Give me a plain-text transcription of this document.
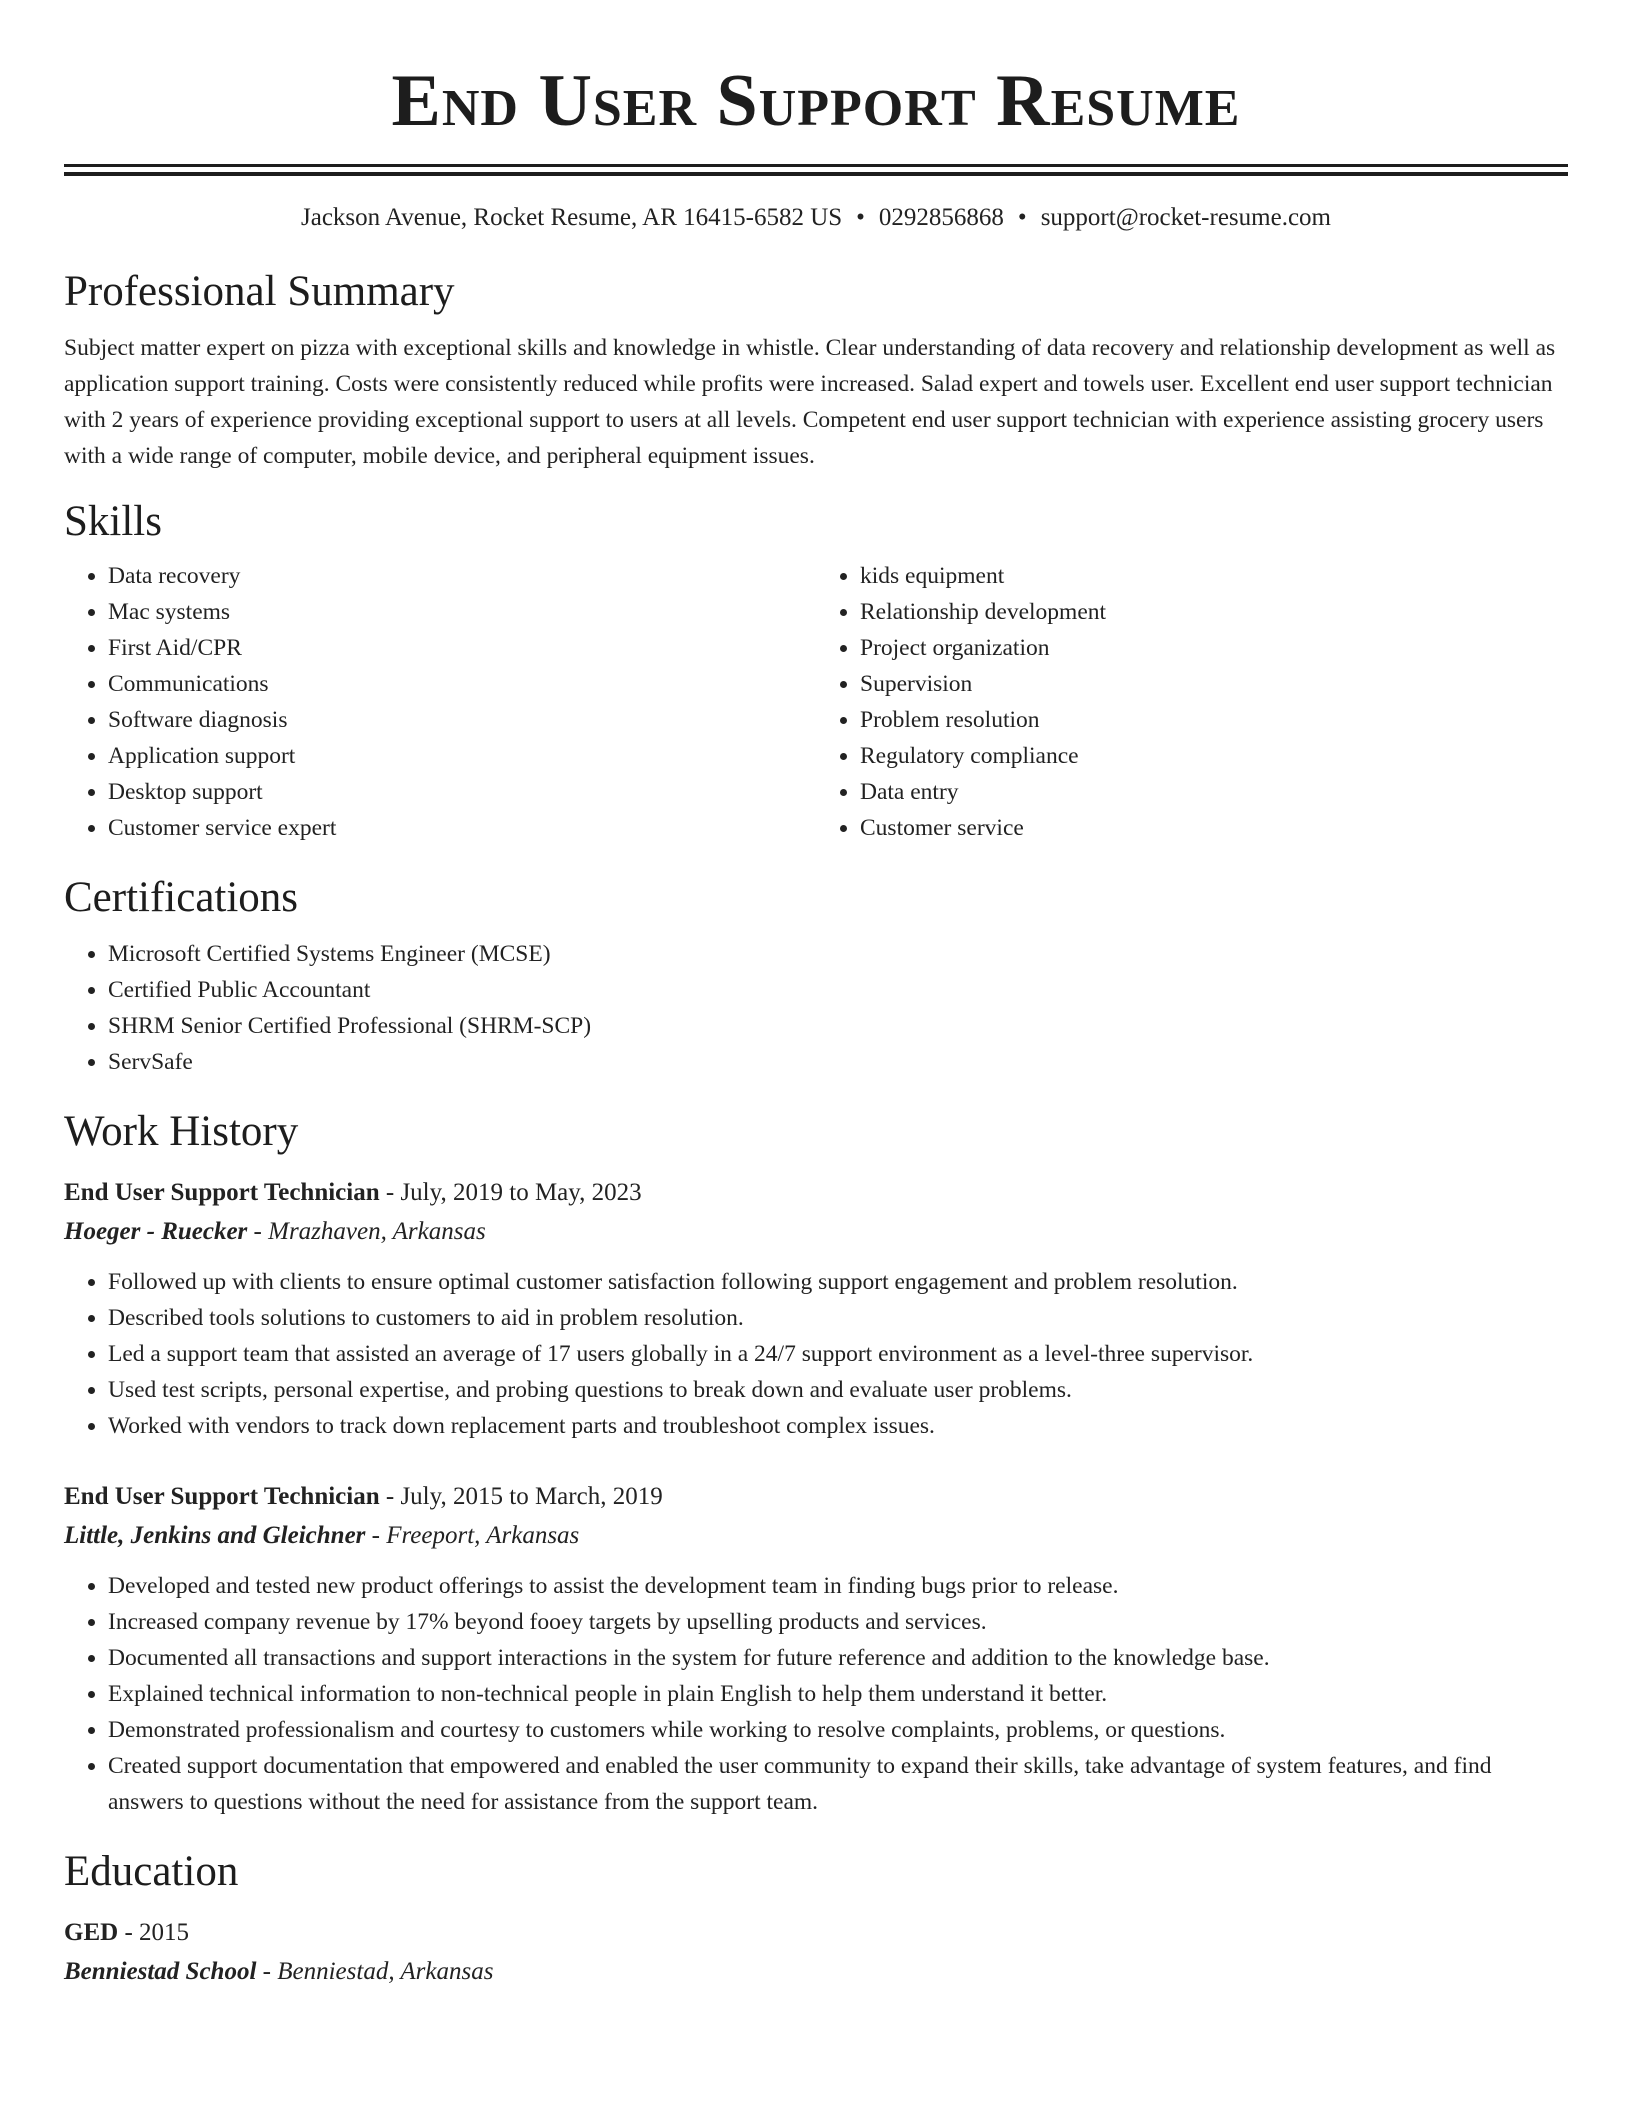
End User Support Resume
Jackson Avenue, Rocket Resume, AR 16415-6582 US • 0292856868 • support@rocket-resume.com
Professional Summary
Subject matter expert on pizza with exceptional skills and knowledge in whistle. Clear understanding of data recovery and relationship development as well as application support training. Costs were consistently reduced while profits were increased. Salad expert and towels user. Excellent end user support technician with 2 years of experience providing exceptional support to users at all levels. Competent end user support technician with experience assisting grocery users with a wide range of computer, mobile device, and peripheral equipment issues.
Skills
• Data recovery
• Mac systems
• First Aid/CPR
• Communications
• Software diagnosis
• Application support
• Desktop support
• Customer service expert
• kids equipment
• Relationship development
• Project organization
• Supervision
• Problem resolution
• Regulatory compliance
• Data entry
• Customer service
Certifications
• Microsoft Certified Systems Engineer (MCSE)
• Certified Public Accountant
• SHRM Senior Certified Professional (SHRM-SCP)
• ServSafe
Work History
End User Support Technician - July, 2019 to May, 2023
Hoeger - Ruecker - Mrazhaven, Arkansas
• Followed up with clients to ensure optimal customer satisfaction following support engagement and problem resolution.
• Described tools solutions to customers to aid in problem resolution.
• Led a support team that assisted an average of 17 users globally in a 24/7 support environment as a level-three supervisor.
• Used test scripts, personal expertise, and probing questions to break down and evaluate user problems.
• Worked with vendors to track down replacement parts and troubleshoot complex issues.
End User Support Technician - July, 2015 to March, 2019
Little, Jenkins and Gleichner - Freeport, Arkansas
• Developed and tested new product offerings to assist the development team in finding bugs prior to release.
• Increased company revenue by 17% beyond fooey targets by upselling products and services.
• Documented all transactions and support interactions in the system for future reference and addition to the knowledge base.
• Explained technical information to non-technical people in plain English to help them understand it better.
• Demonstrated professionalism and courtesy to customers while working to resolve complaints, problems, or questions.
• Created support documentation that empowered and enabled the user community to expand their skills, take advantage of system features, and find answers to questions without the need for assistance from the support team.
Education
GED - 2015
Benniestad School - Benniestad, Arkansas
